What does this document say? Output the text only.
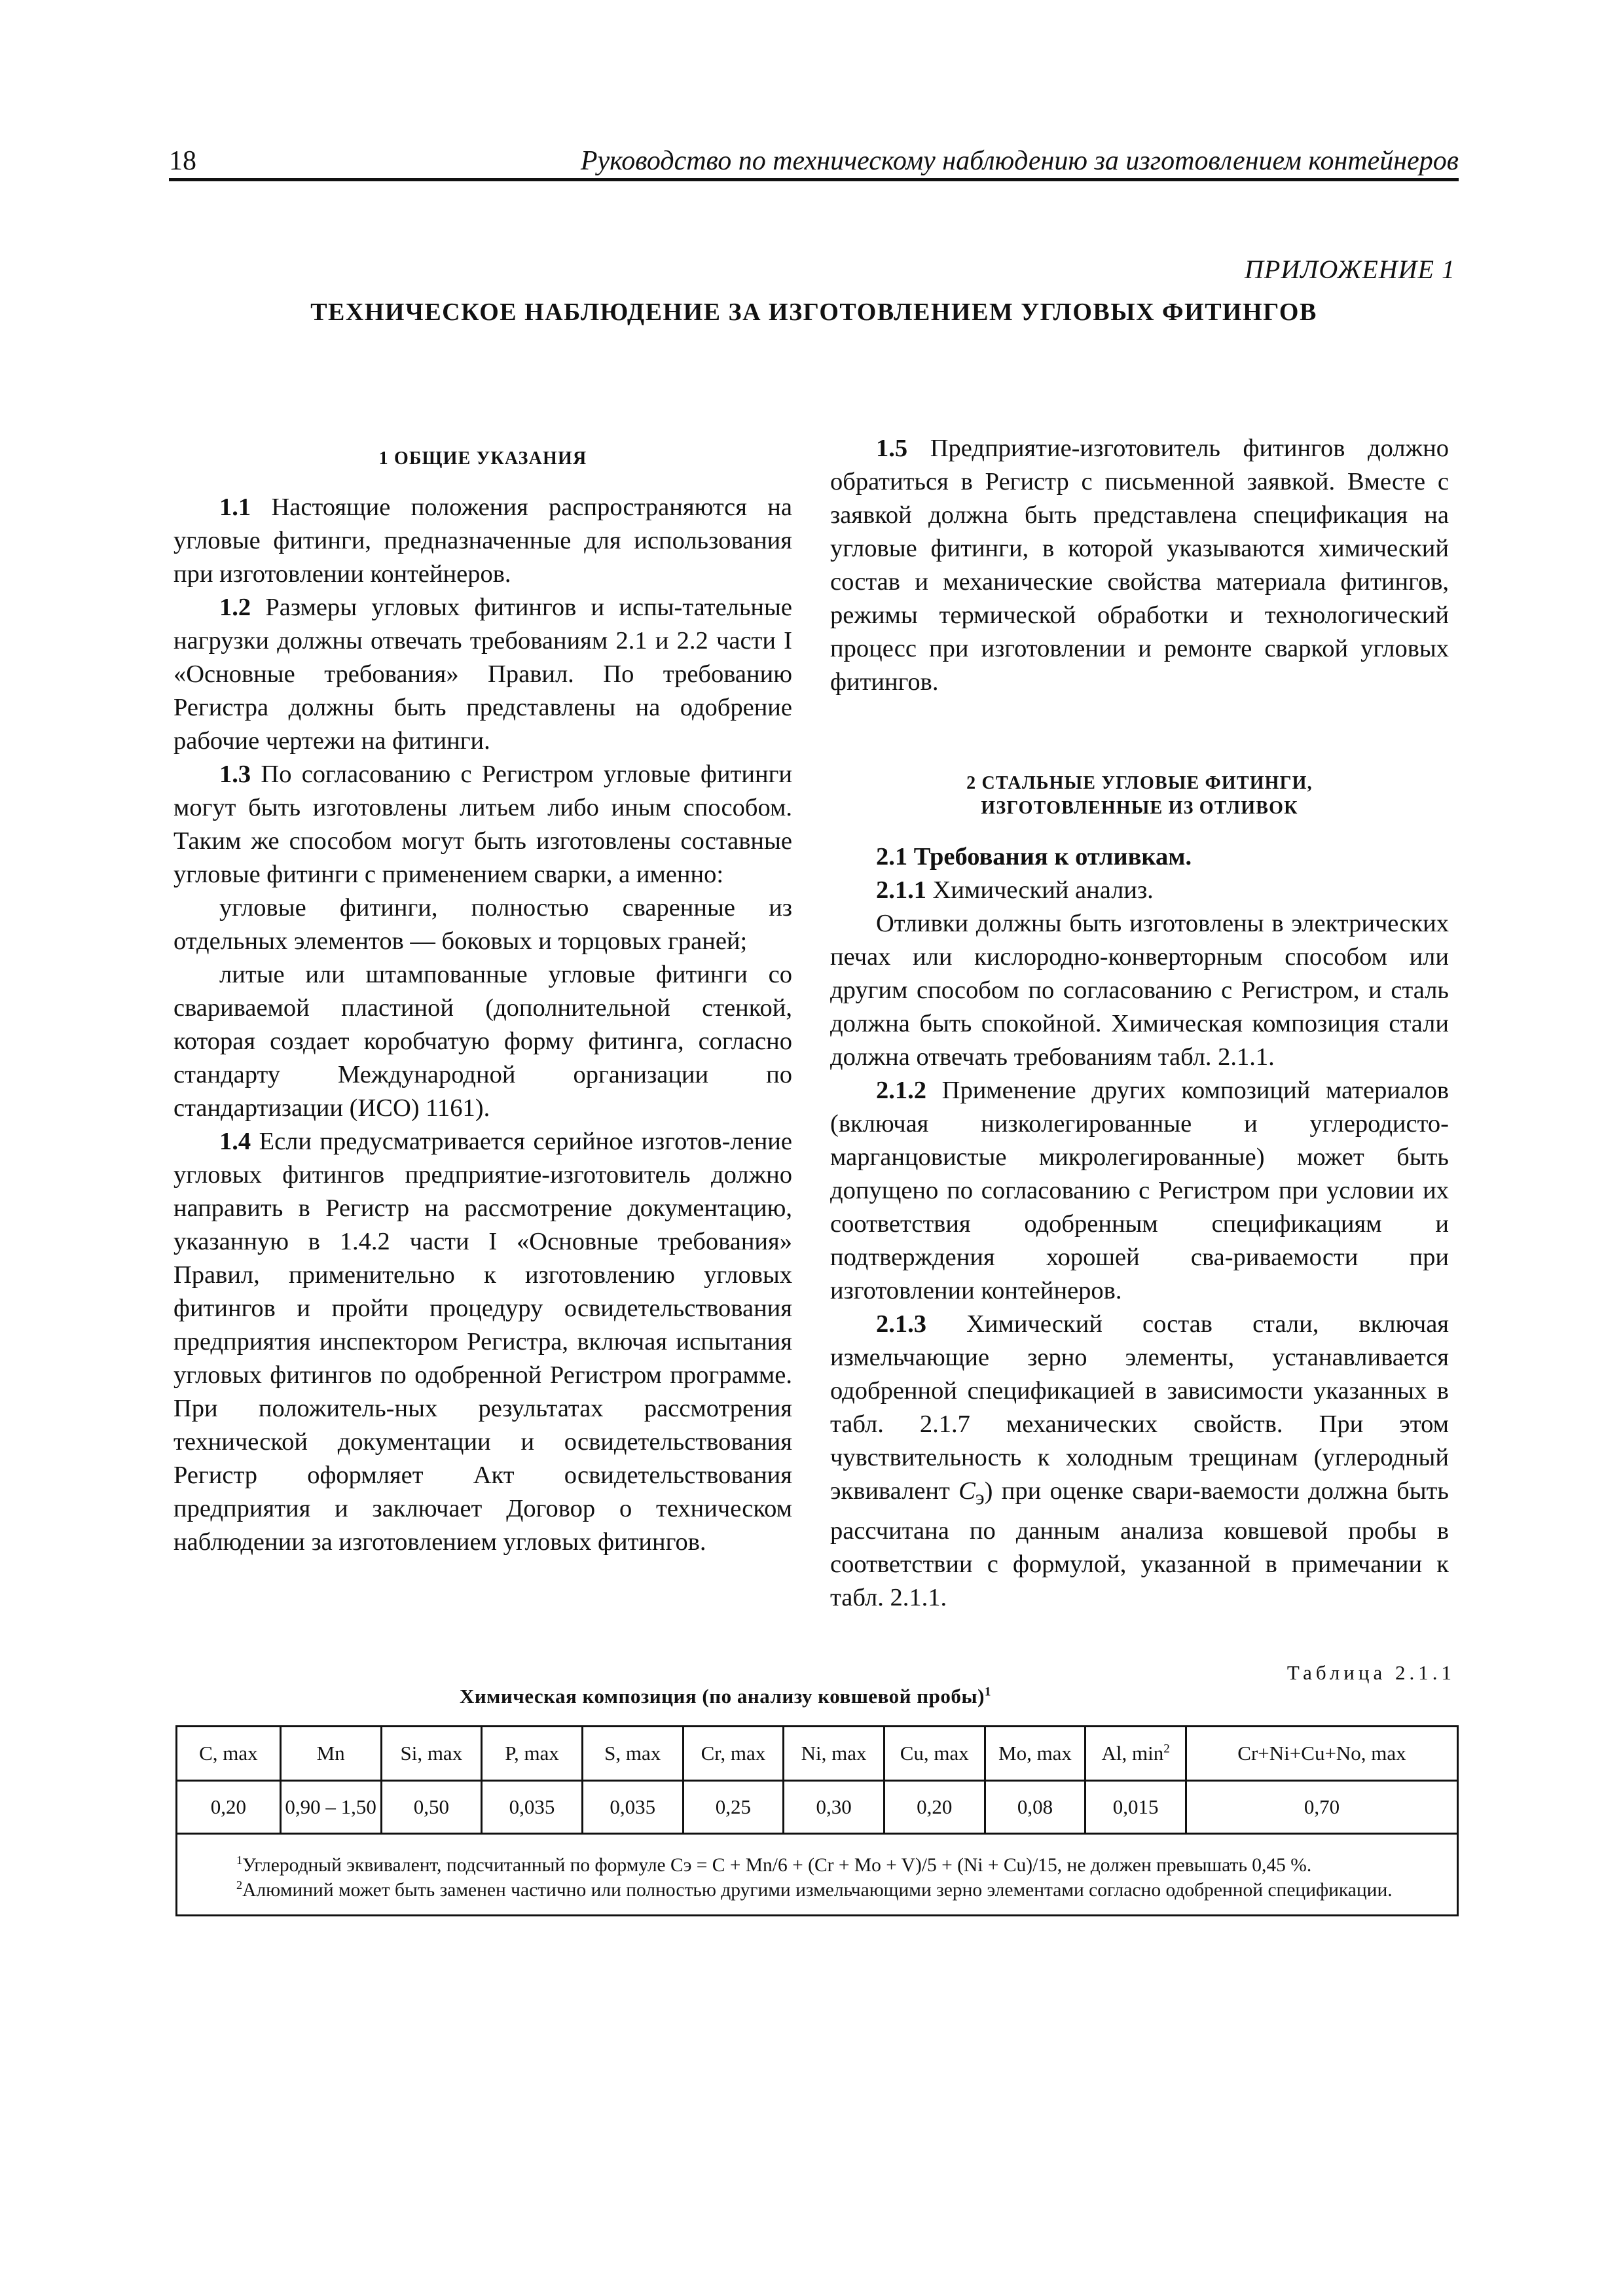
18	Руководство по техническому наблюдению за изготовлением контейнеров
ПРИЛОЖЕНИЕ 1
ТЕХНИЧЕСКОЕ НАБЛЮДЕНИЕ ЗА ИЗГОТОВЛЕНИЕМ УГЛОВЫХ ФИТИНГОВ
1 ОБЩИЕ УКАЗАНИЯ

1.1 Настоящие положения распространяются на угловые фитинги, предназначенные для использования при изготовлении контейнеров.

1.2 Размеры угловых фитингов и испы-тательные нагрузки должны отвечать требованиям 2.1 и 2.2 части I «Основные требования» Правил. По требованию Регистра должны быть представлены на одобрение рабочие чертежи на фитинги.

1.3 По согласованию с Регистром угловые фитинги могут быть изготовлены литьем либо иным способом. Таким же способом могут быть изготовлены составные угловые фитинги с применением сварки, а именно:

угловые фитинги, полностью сваренные из отдельных элементов — боковых и торцовых граней;

литые или штампованные угловые фитинги со свариваемой пластиной (дополнительной стенкой, которая создает коробчатую форму фитинга, согласно стандарту Международной организации по стандартизации (ИСО) 1161).

1.4 Если предусматривается серийное изготов-ление угловых фитингов предприятие-изготовитель должно направить в Регистр на рассмотрение документацию, указанную в 1.4.2 части I «Основные требования» Правил, применительно к изготовлению угловых фитингов и пройти процедуру освидетельствования предприятия инспектором Регистра, включая испытания угловых фитингов по одобренной Регистром программе. При положитель-ных результатах рассмотрения технической документации и освидетельствования Регистр оформляет Акт освидетельствования предприятия и заключает Договор о техническом наблюдении за изготовлением угловых фитингов.

1.5 Предприятие-изготовитель фитингов должно обратиться в Регистр с письменной заявкой. Вместе с заявкой должна быть представлена спецификация на угловые фитинги, в которой указываются химический состав и механические свойства материала фитингов, режимы термической обработки и технологический процесс при изготовлении и ремонте сваркой угловых фитингов.

2 СТАЛЬНЫЕ УГЛОВЫЕ ФИТИНГИ,
ИЗГОТОВЛЕННЫЕ ИЗ ОТЛИВОК

2.1 Требования к отливкам.

2.1.1 Химический анализ.

Отливки должны быть изготовлены в электрических печах или кислородно-конверторным способом или другим способом по согласованию с Регистром, и сталь должна быть спокойной. Химическая композиция стали должна отвечать требованиям табл. 2.1.1.

2.1.2 Применение других композиций материалов (включая низколегированные и углеродисто-марганцовистые микролегированные) может быть допущено по согласованию с Регистром при условии их соответствия одобренным спецификациям и подтверждения хорошей сва-риваемости при изготовлении контейнеров.

2.1.3 Химический состав стали, включая измельчающие зерно элементы, устанавливается одобренной спецификацией в зависимости указанных в табл. 2.1.7 механических свойств. При этом чувствительность к холодным трещинам (углеродный эквивалент $C_э$) при оценке свари-ваемости должна быть рассчитана по данным анализа ковшевой пробы в соответствии с формулой, указанной в примечании к табл. 2.1.1.

Таблица 2.1.1
Химическая композиция (по анализу ковшевой пробы)$^1$
C, max	Mn	Si, max	P, max	S, max	Cr, max	Ni, max	Cu, max	Mo, max	Al, $\min^2$	Cr+Ni+Cu+No, max
0,20	0,90 – 1,50	0,50	0,035	0,035	0,25	0,30	0,20	0,08	0,015	0,70

$^1$Углеродный эквивалент, подсчитанный по формуле Cэ = C + Mn/6 + (Cr + Mo + V)/5 + (Ni + Cu)/15, не должен превышать 0,45 %.
$^2$Алюминий может быть заменен частично или полностью другими измельчающими зерно элементами согласно одобренной спецификации.										
